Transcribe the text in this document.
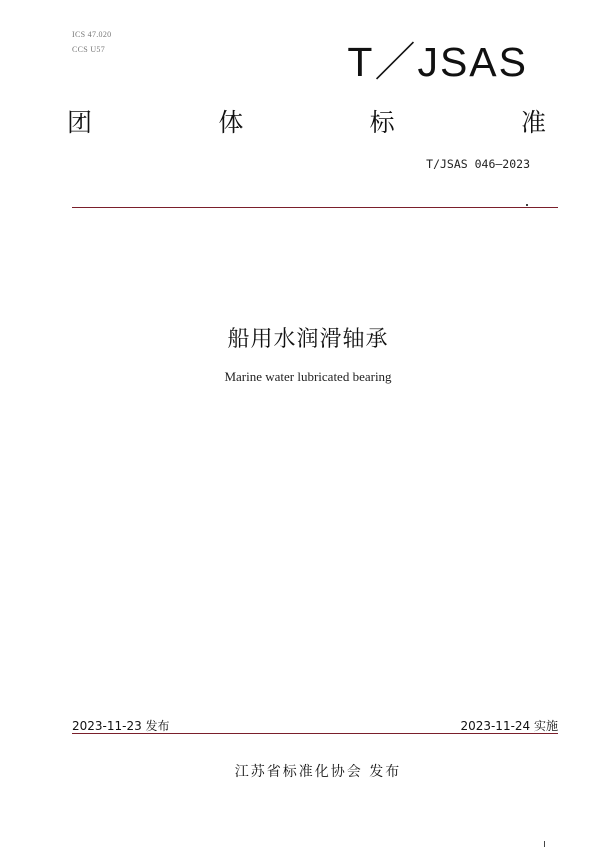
ICS 47.020
CCS U57	T／JSAS
团	体	标	准
T/JSAS 046—2023
船用水润滑轴承
Marine water lubricated bearing
2023-11-23 发布	2023-11-24 实施
江苏省标准化协会 发布
